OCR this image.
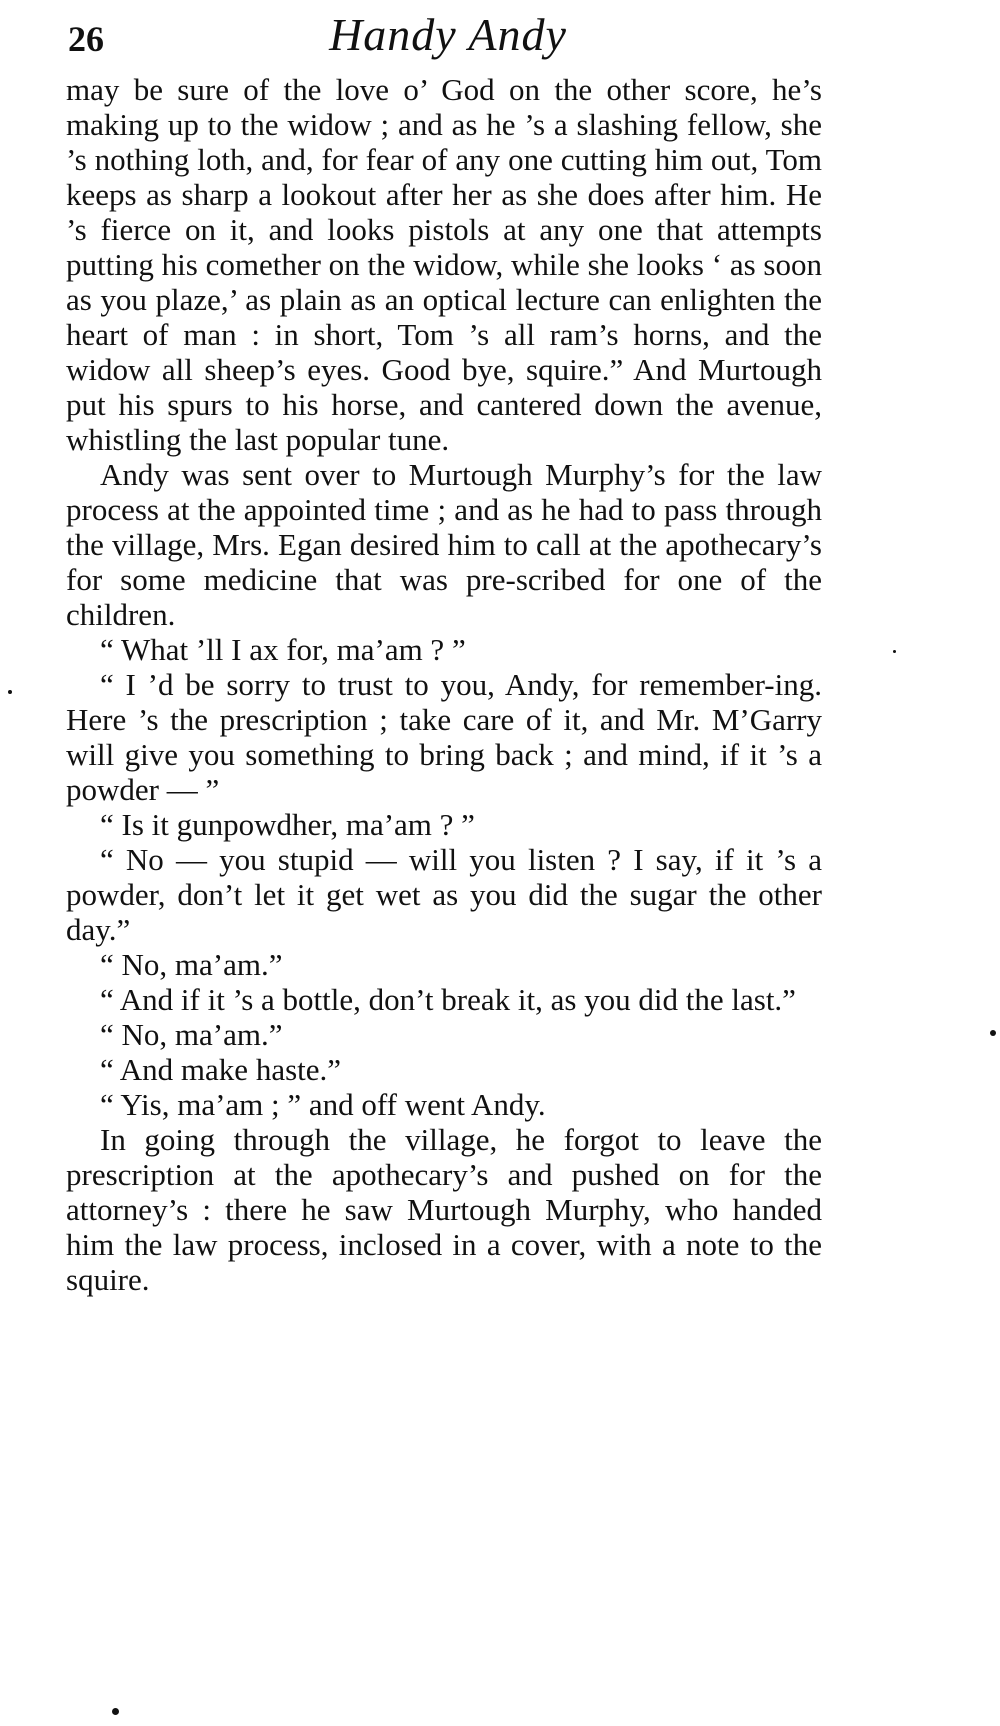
26	Handy Andy

may be sure of the love o’ God on the other score, he’s making up to the widow ; and as he ’s a slashing fellow, she ’s nothing loth, and, for fear of any one cutting him out, Tom keeps as sharp a lookout after her as she does after him. He ’s fierce on it, and looks pistols at any one that attempts putting his comether on the widow, while she looks ‘ as soon as you plaze,’ as plain as an optical lecture can enlighten the heart of man : in short, Tom ’s all ram’s horns, and the widow all sheep’s eyes. Good bye, squire.” And Murtough put his spurs to his horse, and cantered down the avenue, whistling the last popular tune.

Andy was sent over to Murtough Murphy’s for the law process at the appointed time ; and as he had to pass through the village, Mrs. Egan desired him to call at the apothecary’s for some medicine that was pre-scribed for one of the children.

“ What ’ll I ax for, ma’am ? ”

“ I ’d be sorry to trust to you, Andy, for remember-ing. Here ’s the prescription ; take care of it, and Mr. M’Garry will give you something to bring back ; and mind, if it ’s a powder — ”

“ Is it gunpowdher, ma’am ? ”

“ No — you stupid — will you listen ? I say, if it ’s a powder, don’t let it get wet as you did the sugar the other day.”

“ No, ma’am.”

“ And if it ’s a bottle, don’t break it, as you did the last.”

“ No, ma’am.”

“ And make haste.”

“ Yis, ma’am ; ” and off went Andy.

In going through the village, he forgot to leave the prescription at the apothecary’s and pushed on for the attorney’s : there he saw Murtough Murphy, who handed him the law process, inclosed in a cover, with a note to the squire.
